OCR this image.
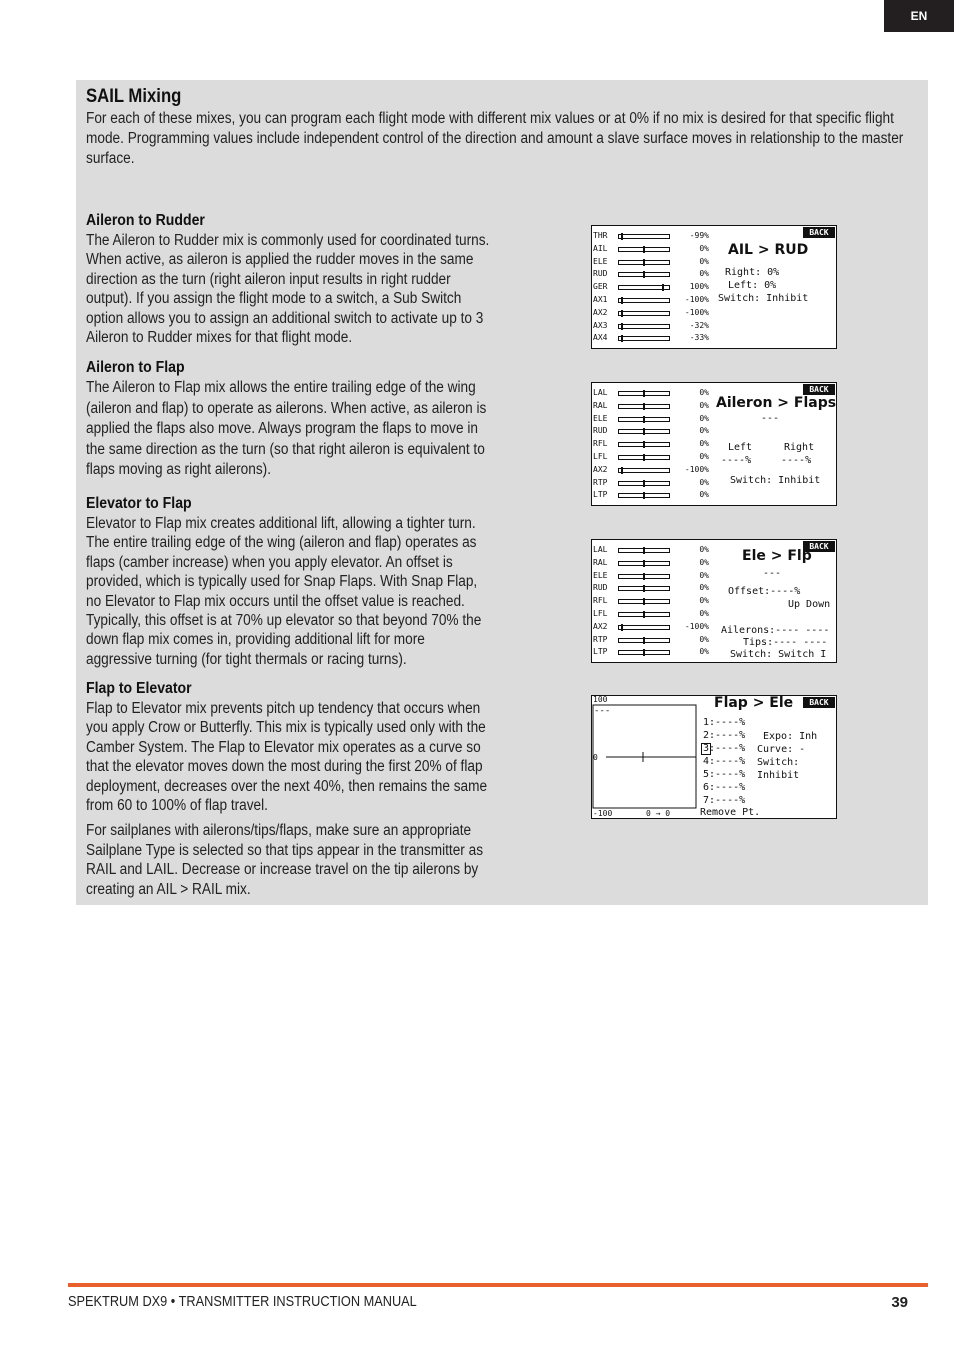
EN
SAIL Mixing

For each of these mixes, you can program each flight mode with different mix values or at 0% if no mix is desired for that specific flight mode. Programming values include independent control of the direction and amount a slave surface moves in relationship to the master surface.

Aileron to Rudder

The Aileron to Rudder mix is commonly used for coordinated turns. When active, as aileron is applied the rudder moves in the same direction as the turn (right aileron input results in right rudder output). If you assign the flight mode to a switch, a Sub Switch option allows you to assign an additional switch to activate up to 3 Aileron to Rudder mixes for that flight mode.

Aileron to Flap

The Aileron to Flap mix allows the entire trailing edge of the wing (aileron and flap) to operate as ailerons. When active, as aileron is applied the flaps also move. Always program the flaps to move in the same direction as the turn (so that right aileron is equivalent to flaps moving as right ailerons).

Elevator to Flap

Elevator to Flap mix creates additional lift, allowing a tighter turn. The entire trailing edge of the wing (aileron and flap) operates as flaps (camber increase) when you apply elevator. An offset is provided, which is typically used for Snap Flaps. With Snap Flap, no Elevator to Flap mix occurs until the offset value is reached. Typically, this offset is at 70% up elevator so that beyond 70% the down flap mix comes in, providing additional lift for more aggressive turning (for tight thermals or racing turns).

Flap to Elevator

Flap to Elevator mix prevents pitch up tendency that occurs when you apply Crow or Butterfly. This mix is typically used only with the Camber System. The Flap to Elevator mix operates as a curve so that the elevator moves down the most during the first 20% of flap deployment, decreases over the next 40%, then remains the same from 60 to 100% of flap travel.

For sailplanes with ailerons/tips/flaps, make sure an appropriate Sailplane Type is selected so that tips appear in the transmitter as RAIL and LAIL. Decrease or increase travel on the tip ailerons by creating an AIL > RAIL mix.

BACK
THR	-99%
AIL	0%
ELE	0%
RUD	0%
GER	100%
AX1	-100%
AX2	-100%
AX3	-32%
AX4	-33%
AIL > RUD
Right: 0%
Left: 0%
Switch: Inhibit
BACK
LAL	0%
RAL	0%
ELE	0%
RUD	0%
RFL	0%
LFL	0%
AX2	-100%
RTP	0%
LTP	0%
Aileron > Flaps
---
Left	Right
----%	----%
Switch: Inhibit
BACK
LAL	0%
RAL	0%
ELE	0%
RUD	0%
RFL	0%
LFL	0%
AX2	-100%
RTP	0%
LTP	0%
Ele > Flp
---
Offset:----%
Up Down
Ailerons:---- ----
Tips:---- ----
Switch: Switch I
BACK
100
---
0
-100	0 → 0
Flap > Ele
1:----%
2:----%
3:----%
4:----%
5:----%
6:----%
7:----%
Expo: Inh
Curve: -
Switch:
Inhibit
Remove Pt.
SPEKTRUM DX9 • TRANSMITTER INSTRUCTION MANUAL	39
